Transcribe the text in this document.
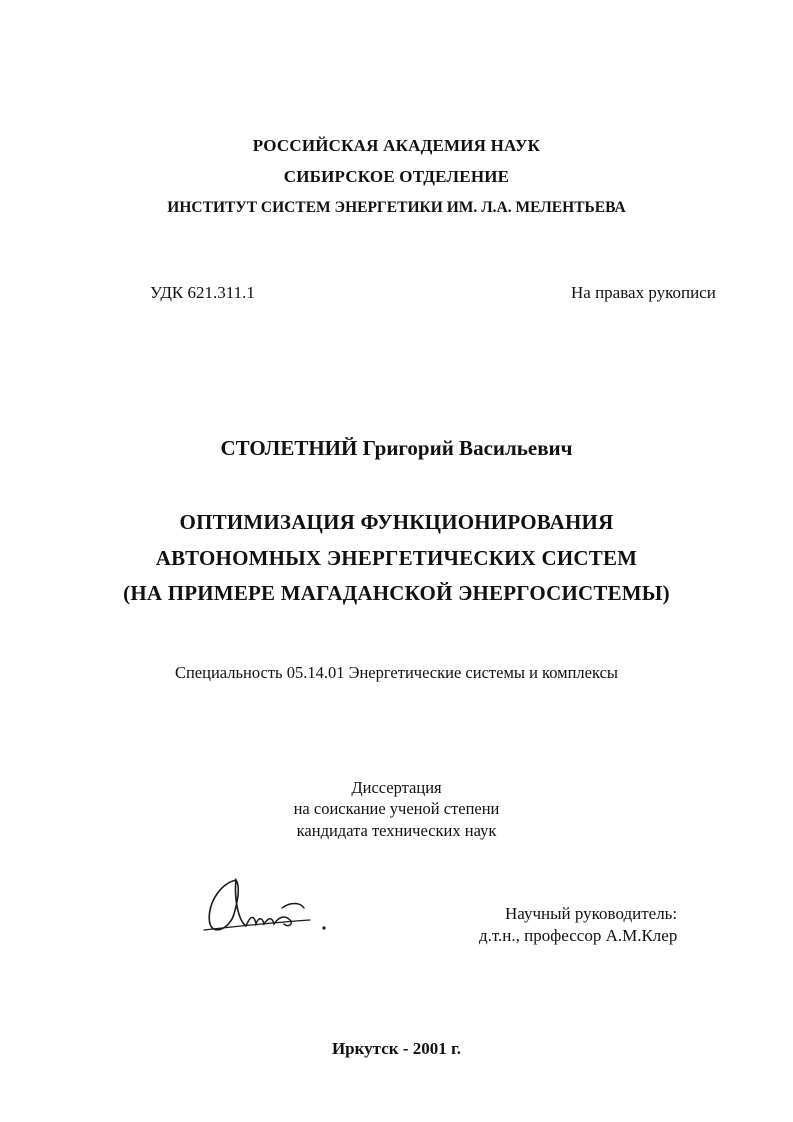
РОССИЙСКАЯ АКАДЕМИЯ НАУК
СИБИРСКОЕ ОТДЕЛЕНИЕ
ИНСТИТУТ СИСТЕМ ЭНЕРГЕТИКИ ИМ. Л.А. МЕЛЕНТЬЕВА
УДК 621.311.1	На правах рукописи
СТОЛЕТНИЙ Григорий Васильевич
ОПТИМИЗАЦИЯ ФУНКЦИОНИРОВАНИЯ
АВТОНОМНЫХ ЭНЕРГЕТИЧЕСКИХ СИСТЕМ
(НА ПРИМЕРЕ МАГАДАНСКОЙ ЭНЕРГОСИСТЕМЫ)
Специальность 05.14.01 Энергетические системы и комплексы
Диссертация
на соискание ученой степени
кандидата технических наук
Научный руководитель:
д.т.н., профессор А.М.Клер
Иркутск - 2001 г.
